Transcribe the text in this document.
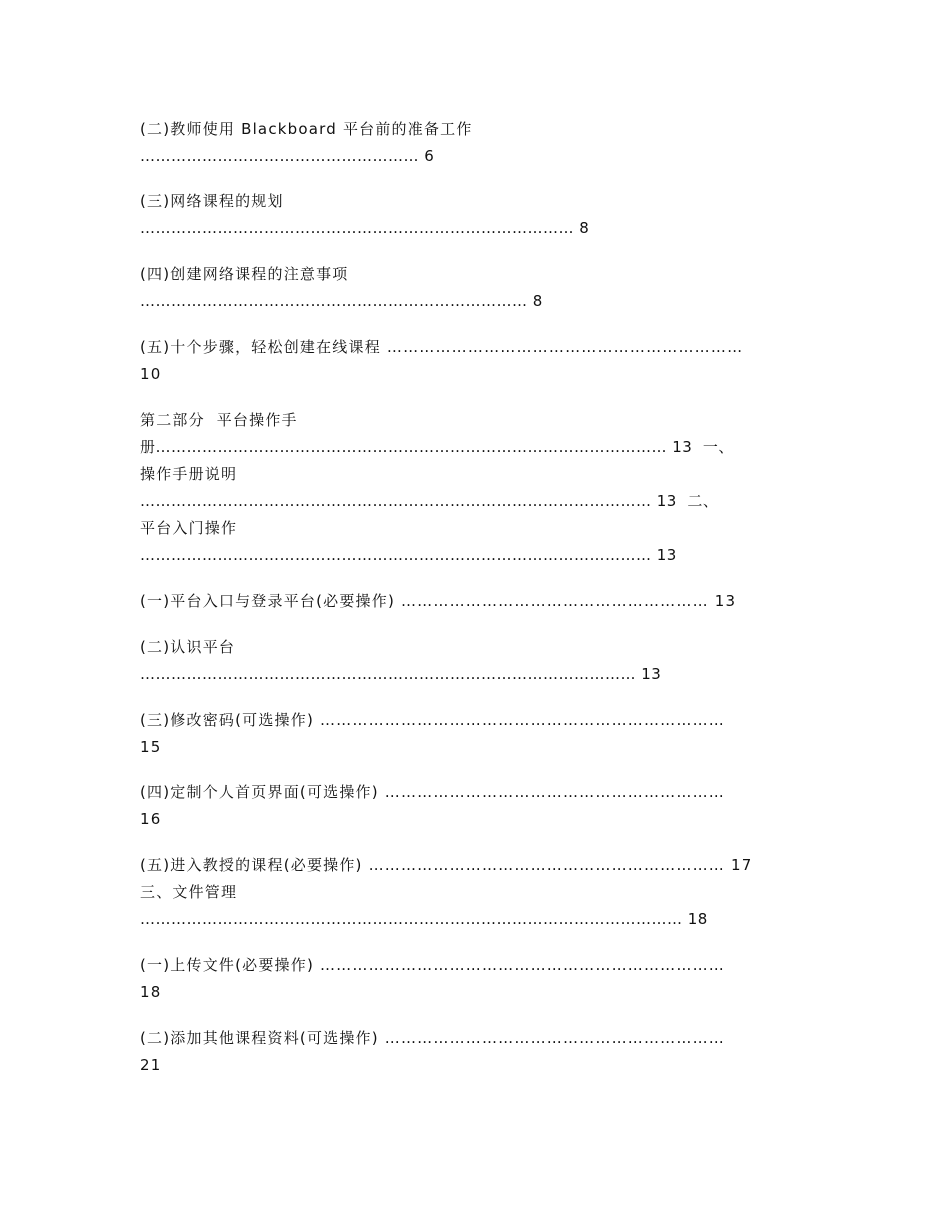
(二)教师使用 Blackboard 平台前的准备工作

……………………………………………… 6

(三)网络课程的规划

………………………………………………………………………… 8

(四)创建网络课程的注意事项

………………………………………………………………… 8

(五)十个步骤，轻松创建在线课程 …………………………………………………………

10

第二部分  平台操作手

册……………………………………………………………………………………… 13  一、

操作手册说明

……………………………………………………………………………………… 13  二、

平台入门操作

……………………………………………………………………………………… 13

(一)平台入口与登录平台(必要操作) ………………………………………………… 13

(二)认识平台

…………………………………………………………………………………… 13

(三)修改密码(可选操作) …………………………………………………………………

15

(四)定制个人首页界面(可选操作) ………………………………………………………

16

(五)进入教授的课程(必要操作) ………………………………………………………… 17

三、文件管理

…………………………………………………………………………………………… 18

(一)上传文件(必要操作) …………………………………………………………………

18

(二)添加其他课程资料(可选操作) ………………………………………………………

21
